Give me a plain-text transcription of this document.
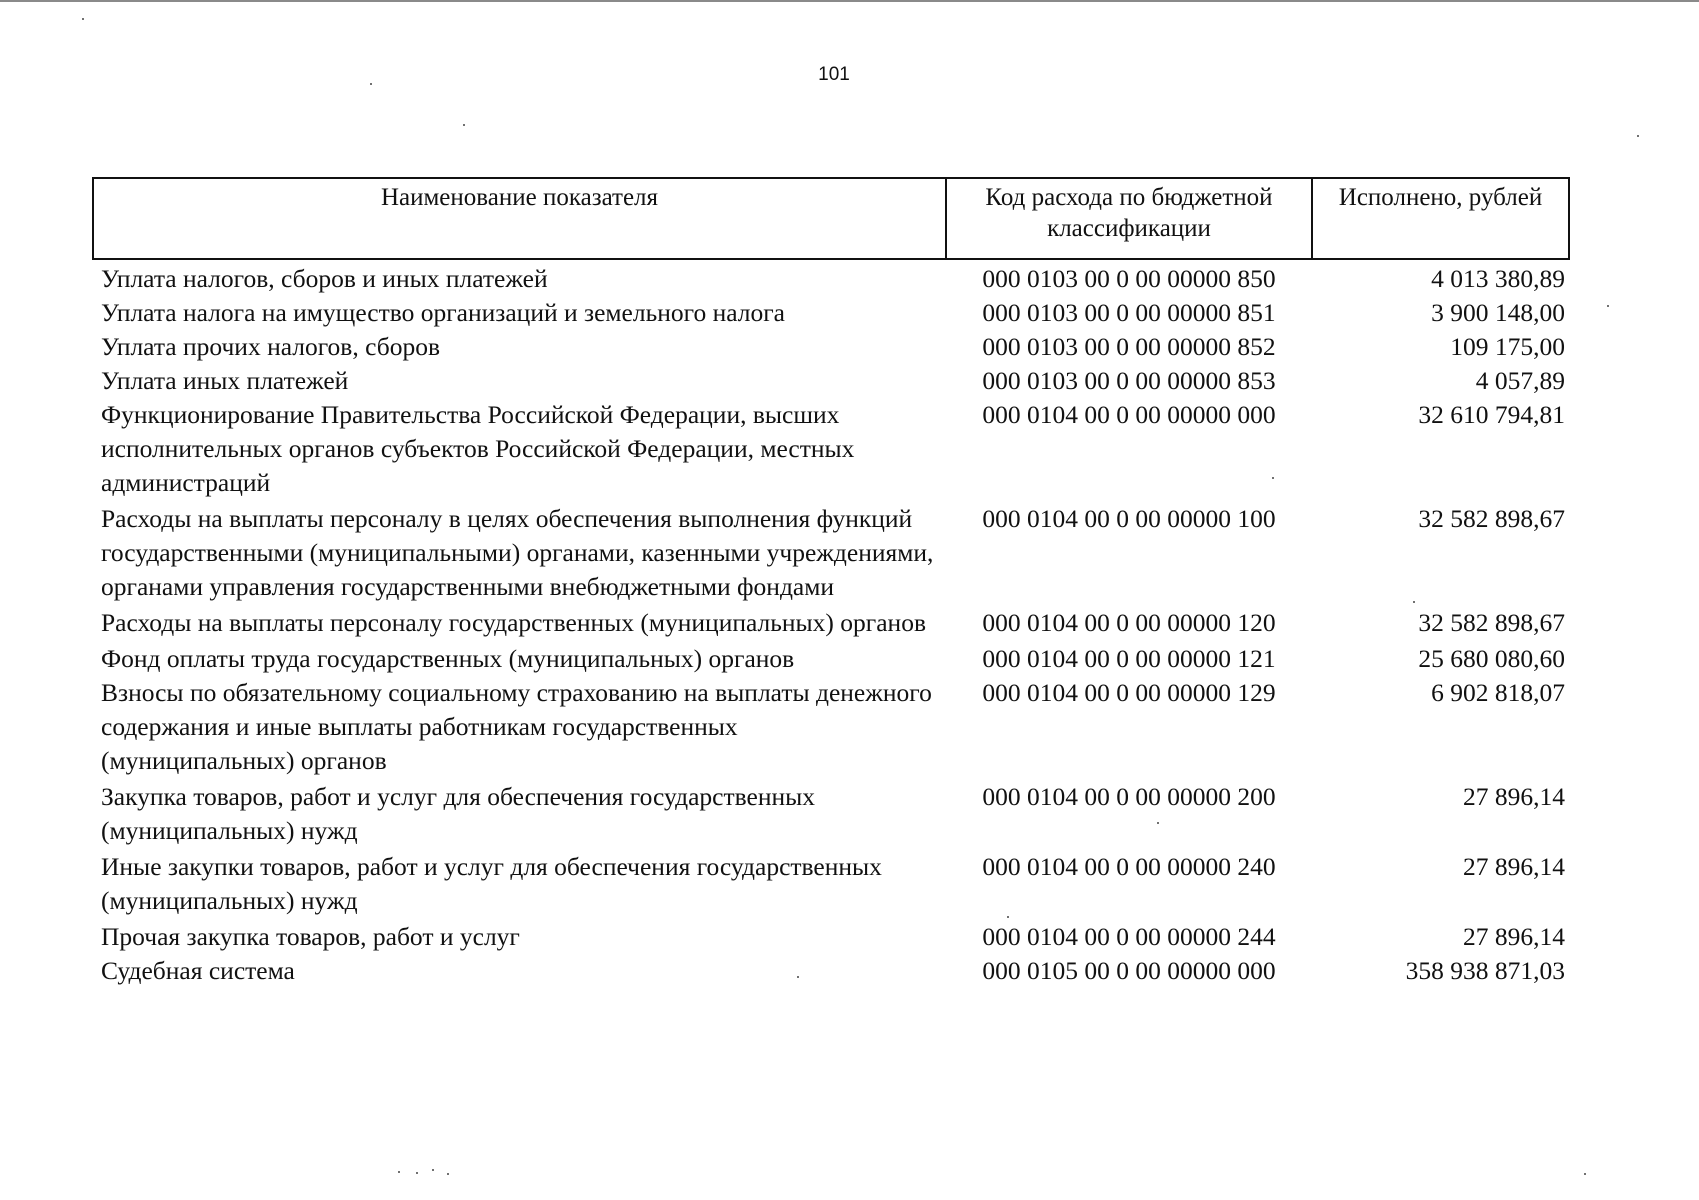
101
Наименование показателя	Код расхода по бюджетной классификации	Исполнено, рублей
Уплата налогов, сборов и иных платежей	000 0103 00 0 00 00000 850	4 013 380,89
Уплата налога на имущество организаций и земельного налога	000 0103 00 0 00 00000 851	3 900 148,00
Уплата прочих налогов, сборов	000 0103 00 0 00 00000 852	109 175,00
Уплата иных платежей	000 0103 00 0 00 00000 853	4 057,89
Функционирование Правительства Российской Федерации, высших исполнительных органов субъектов Российской Федерации, местных администраций	000 0104 00 0 00 00000 000	32 610 794,81
Расходы на выплаты персоналу в целях обеспечения выполнения функций государственными (муниципальными) органами, казенными учреждениями, органами управления государственными внебюджетными фондами	000 0104 00 0 00 00000 100	32 582 898,67
Расходы на выплаты персоналу государственных (муниципальных) органов	000 0104 00 0 00 00000 120	32 582 898,67
Фонд оплаты труда государственных (муниципальных) органов	000 0104 00 0 00 00000 121	25 680 080,60
Взносы по обязательному социальному страхованию на выплаты денежного содержания и иные выплаты работникам государственных (муниципальных) органов	000 0104 00 0 00 00000 129	6 902 818,07
Закупка товаров, работ и услуг для обеспечения государственных (муниципальных) нужд	000 0104 00 0 00 00000 200	27 896,14
Иные закупки товаров, работ и услуг для обеспечения государственных (муниципальных) нужд	000 0104 00 0 00 00000 240	27 896,14
Прочая закупка товаров, работ и услуг	000 0104 00 0 00 00000 244	27 896,14
Судебная система	000 0105 00 0 00 00000 000	358 938 871,03
